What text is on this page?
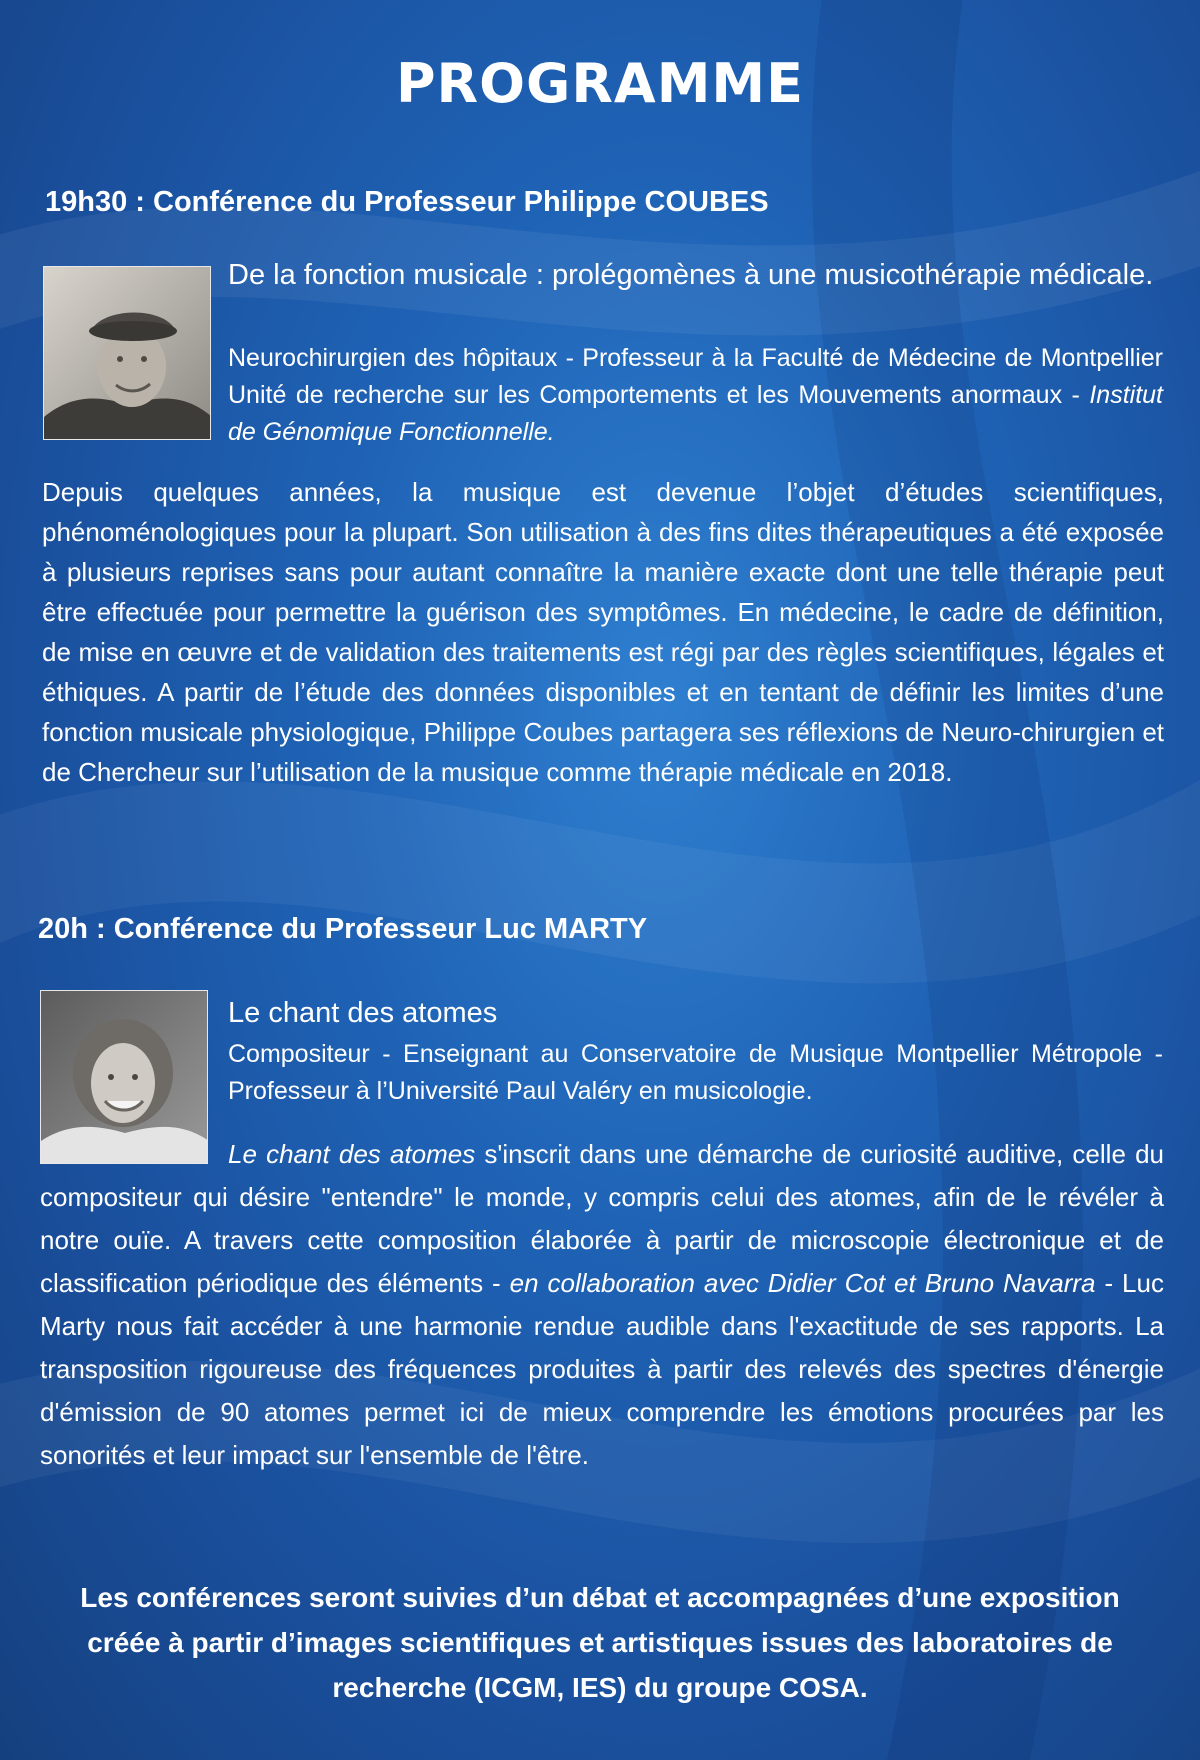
PROGRAMME
19h30 : Conférence du Professeur Philippe COUBES
De la fonction musicale : prolégomènes à une musicothérapie médicale.
Neurochirurgien des hôpitaux - Professeur à la Faculté de Médecine de Montpellier Unité de recherche sur les Comportements et les Mouvements anormaux - Institut de Génomique Fonctionnelle.
Depuis quelques années, la musique est devenue l’objet d’études scientifiques, phénoménologiques pour la plupart. Son utilisation à des fins dites thérapeutiques a été exposée à plusieurs reprises sans pour autant connaître la manière exacte dont une telle thérapie peut être effectuée pour permettre la guérison des symptômes. En médecine, le cadre de définition, de mise en œuvre et de validation des traitements est régi par des règles scientifiques, légales et éthiques. A partir de l’étude des données disponibles et en tentant de définir les limites d’une fonction musicale physiologique, Philippe Coubes partagera ses réflexions de Neuro-chirurgien et de Chercheur sur l’utilisation de la musique comme thérapie médicale en 2018.
20h : Conférence du Professeur Luc MARTY
Le chant des atomes
Compositeur - Enseignant au Conservatoire de Musique Montpellier Métropole - Professeur à l’Université Paul Valéry en musicologie.
Le chant des atomes s'inscrit dans une démarche de curiosité auditive, celle du compositeur qui désire "entendre" le monde, y compris celui des atomes, afin de le révéler à notre ouïe. A travers cette composition élaborée à partir de microscopie électronique et de classification périodique des éléments - en collaboration avec Didier Cot et Bruno Navarra - Luc Marty nous fait accéder à une harmonie rendue audible dans l'exactitude de ses rapports. La transposition rigoureuse des fréquences produites à partir des relevés des spectres d'énergie d'émission de 90 atomes permet ici de mieux comprendre les émotions procurées par les sonorités et leur impact sur l'ensemble de l'être.
Les conférences seront suivies d’un débat et accompagnées d’une exposition créée à partir d’images scientifiques et artistiques issues des laboratoires de recherche (ICGM, IES) du groupe COSA.
